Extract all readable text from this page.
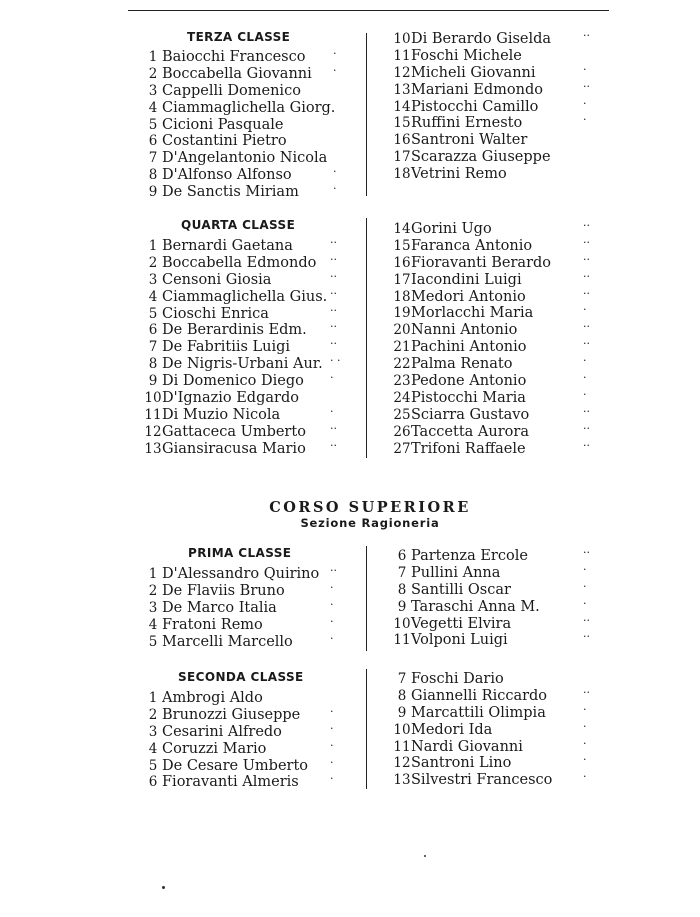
TERZA CLASSE
1 Baiocchi Francesco	·
2 Boccabella Giovanni ·
3 Cappelli Domenico
4 Ciammaglichella Giorg.
5 Cicioni Pasquale
6 Costantini Pietro
7 D'Angelantonio Nicola
8 D'Alfonso Alfonso	·
9 De Sanctis Miriam	·
10Di Berardo Giselda	··
11Foschi Michele
12Micheli Giovanni	·
13Mariani Edmondo	··
14Pistocchi Camillo	·
15Ruffini Ernesto	·
16Santroni Walter
17Scarazza Giuseppe
18Vetrini Remo
QUARTA CLASSE
1 Bernardi Gaetana	··
2 Boccabella Edmondo ··
3 Censoni Giosia	··
4 Ciammaglichella Gius. ··
5 Cioschi Enrica	··
6 De Berardinis Edm. ··
7 De Fabritiis Luigi	··
8 De Nigris-Urbani Aur. · ·
9 Di Domenico Diego ·
10D'Ignazio Edgardo
11Di Muzio Nicola	·
12Gattaceca Umberto ··
13Giansiracusa Mario ··
14Gorini Ugo	··
15Faranca Antonio	··
16Fioravanti Berardo	··
17Iacondini Luigi	··
18Medori Antonio	··
19Morlacchi Maria	·
20Nanni Antonio	··
21Pachini Antonio	··
22Palma Renato	·
23Pedone Antonio	·
24Pistocchi Maria	·
25Sciarra Gustavo	··
26Taccetta Aurora	··
27Trifoni Raffaele	··
CORSO SUPERIORE
Sezione Ragioneria
PRIMA CLASSE
1 D'Alessandro Quirino ··
2 De Flaviis Bruno	·
3 De Marco Italia	·
4 Fratoni Remo	·
5 Marcelli Marcello	·
6 Partenza Ercole	··
7 Pullini Anna	·
8 Santilli Oscar	·
9 Taraschi Anna M.	·
10Vegetti Elvira	··
11Volponi Luigi	··
SECONDA CLASSE
1 Ambrogi Aldo
2 Brunozzi Giuseppe	·
3 Cesarini Alfredo	·
4 Coruzzi Mario	·
5 De Cesare Umberto ·
6 Fioravanti Almeris	·
7 Foschi Dario
8 Giannelli Riccardo	··
9 Marcattili Olimpia	·
10Medori Ida	·
11Nardi Giovanni	·
12Santroni Lino	·
13Silvestri Francesco	·
